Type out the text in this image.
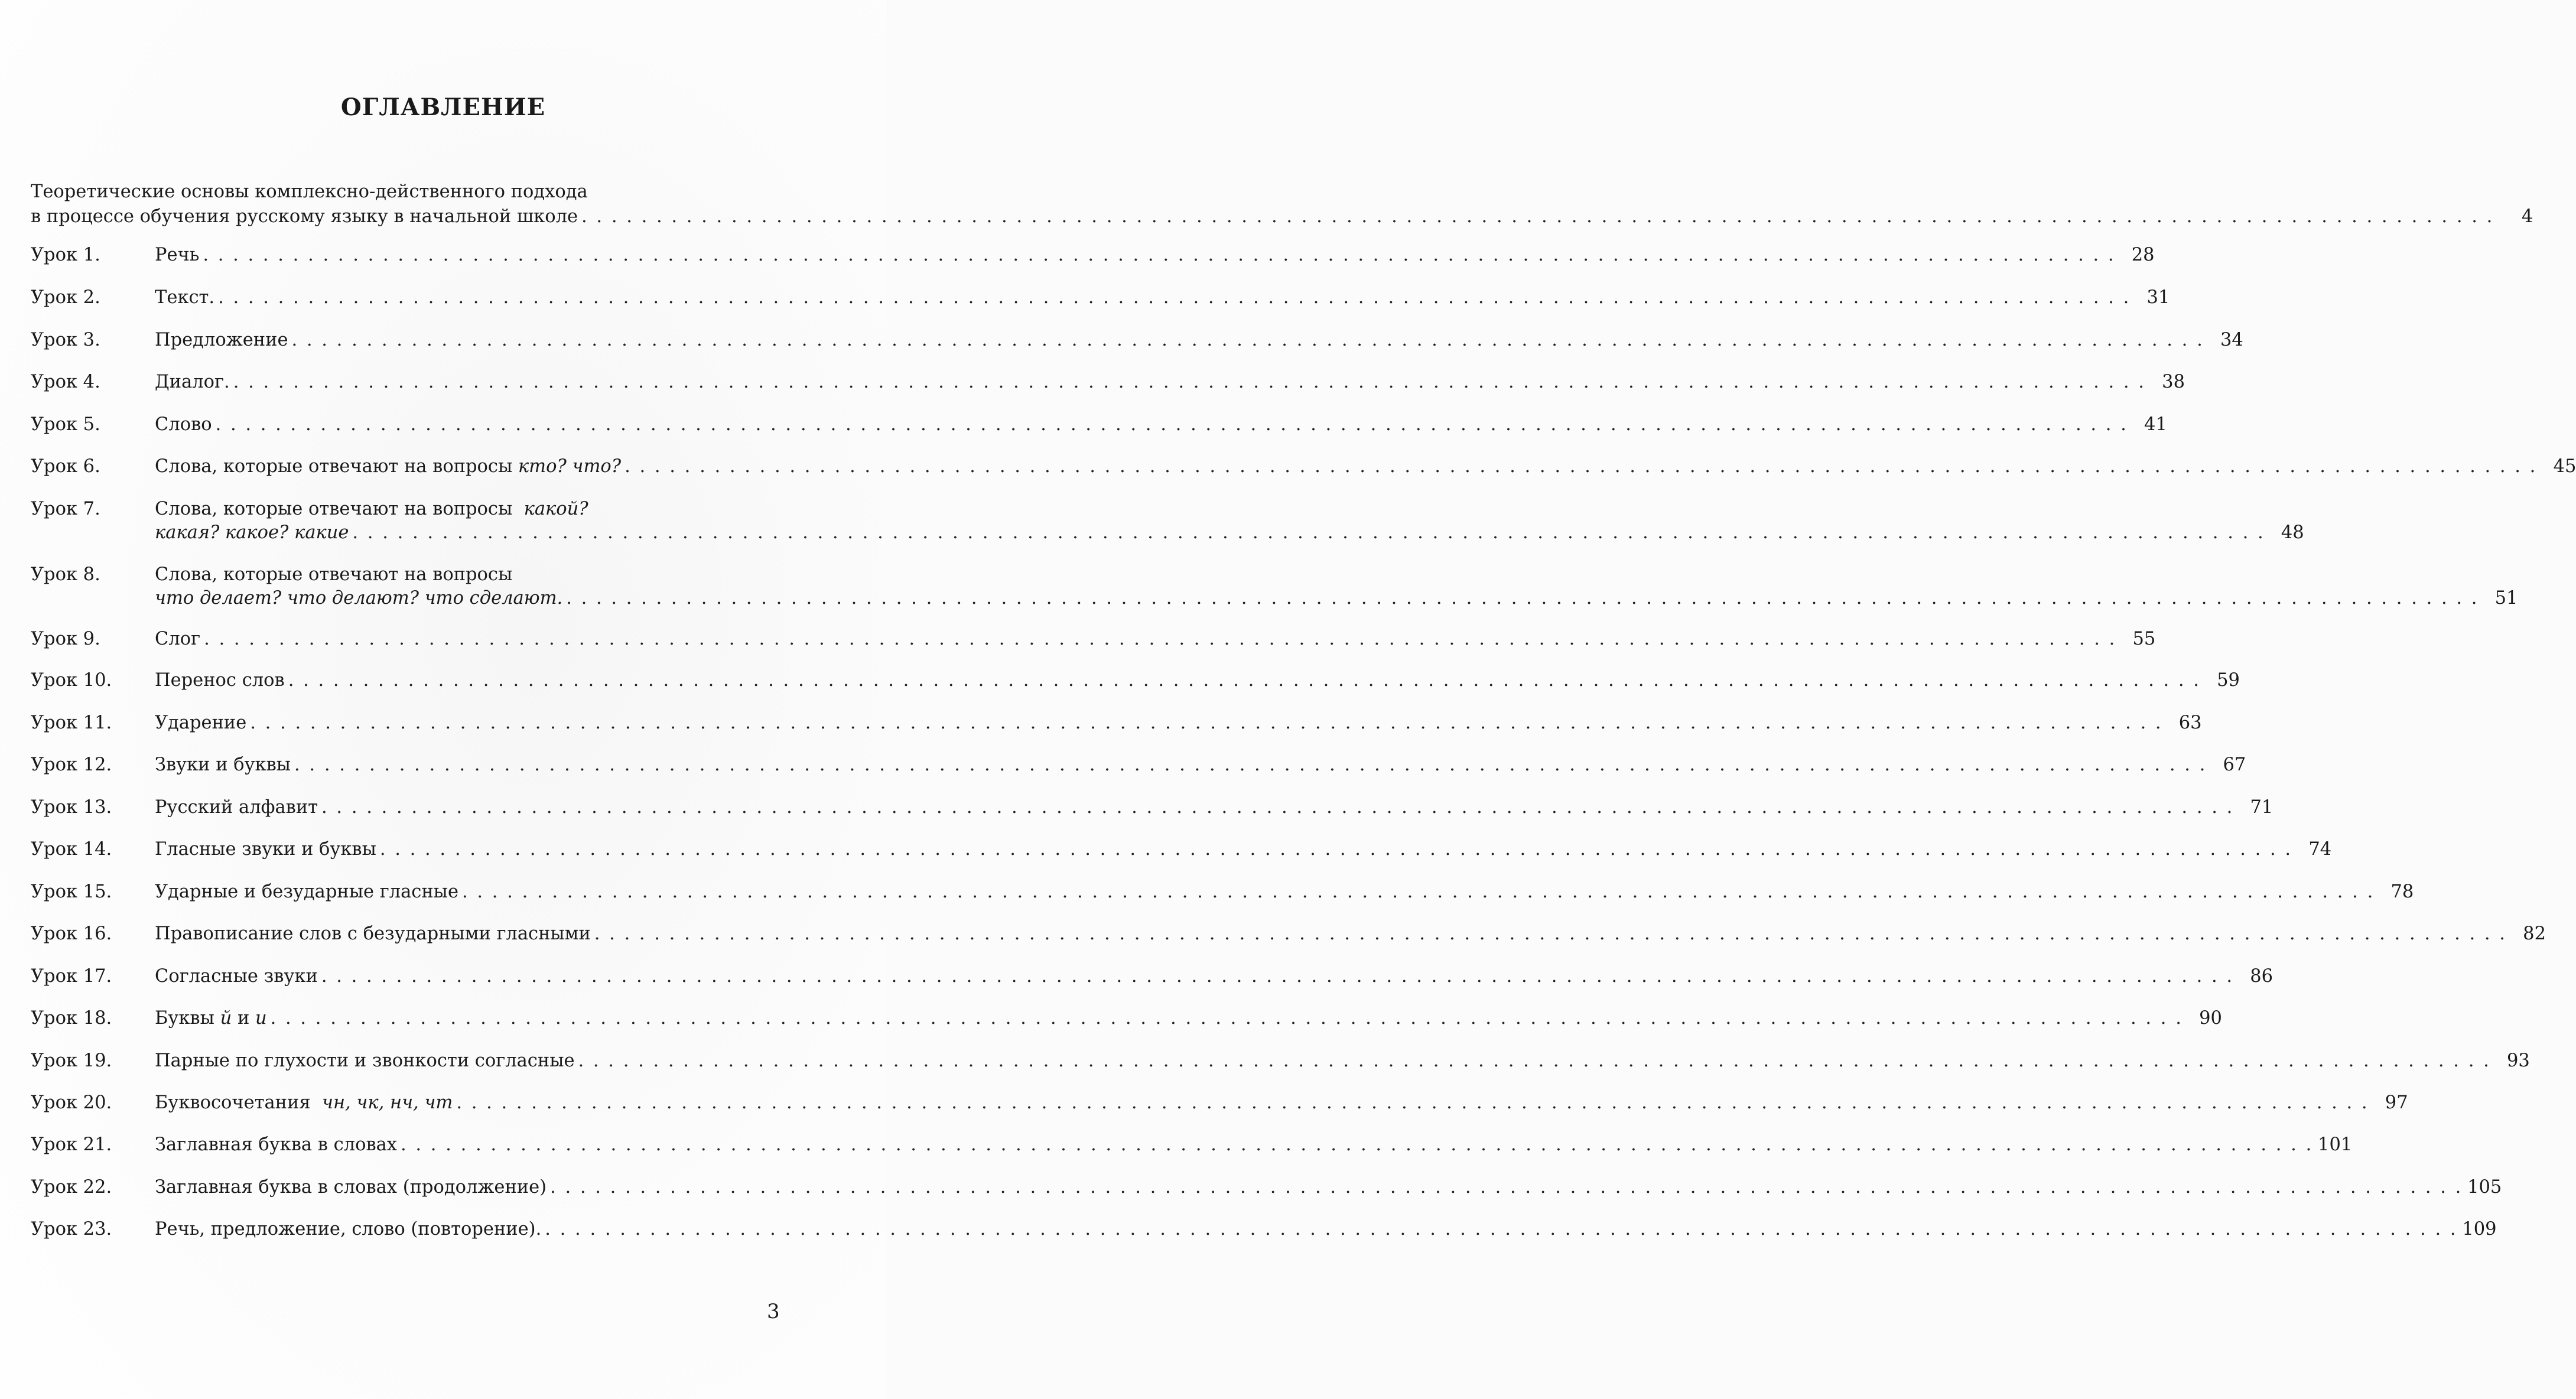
ОГЛАВЛЕНИЕ
Теоретические основы комплексно-действенного подхода
в процессе обучения русскому языку в начальной школе . . .	4
Урок 1.	Речь . . .	28
Урок 2.	Текст. . . .	31
Урок 3.	Предложение . . .	34
Урок 4.	Диалог. . . .	38
Урок 5.	Слово . . .	41
Урок 6.	Слова, которые отвечают на вопросы
кто? что? . . .	45
Урок 7.	Слова, которые отвечают на вопросы какой?
какая? какое? какие . . .	48
Урок 8.	Слова, которые отвечают на вопросы
что делает? что делают? что сделают. . . .	51
Урок 9.	Слог . . .	55
Урок 10.	Перенос слов . . .	59
Урок 11.	Ударение . . .	63
Урок 12.	Звуки и буквы . . .	67
Урок 13.	Русский алфавит . . .	71
Урок 14.	Гласные звуки и буквы . . .	74
Урок 15.	Ударные и безударные гласные . . .	78
Урок 16.	Правописание слов с безударными гласными . . .	82
Урок 17.	Согласные звуки . . .	86
Урок 18.	Буквы
й
и
и . . .	90
Урок 19.	Парные по глухости и звонкости согласные . . .	93
Урок 20.	Буквосочетания
чн, чк, нч, чт . . .	97
Урок 21.	Заглавная буква в словах . . .	101
Урок 22.	Заглавная буква в словах (продолжение) . . .	105
Урок 23.	Речь, предложение, слово (повторение). . . .	109
3
